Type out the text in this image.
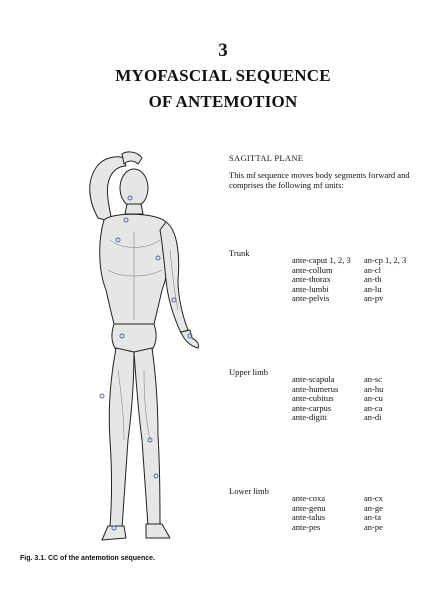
3
MYOFASCIAL SEQUENCE
OF ANTEMOTION
SAGITTAL PLANE
This mf sequence moves body segments forward and comprises the following mf units:
Trunk
ante-caput 1, 2, 3	an-cp 1, 2, 3
ante-collum	an-cl
ante-thorax	an-th
ante-lumbi	an-lu
ante-pelvis	an-pv
Upper limb
ante-scapula	an-sc
ante-humerus	an-hu
ante-cubitus	an-cu
ante-carpus	an-ca
ante-digiti	an-di
Lower limb
ante-coxa	an-cx
ante-genu	an-ge
ante-talus	an-ta
ante-pes	an-pe
Fig. 3.1. CC of the antemotion sequence.
